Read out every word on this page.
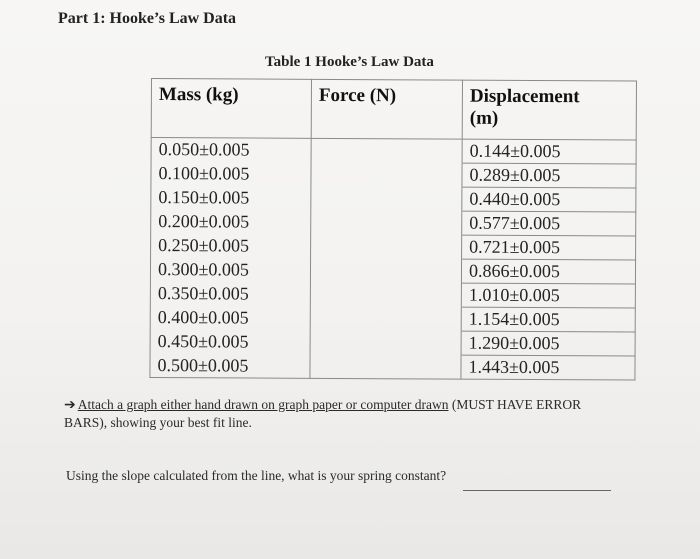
Part 1: Hooke’s Law Data
Table 1 Hooke’s Law Data
Mass (kg)	Force (N)	Displacement
(m)
0.050±0.005		0.144±0.005
0.100±0.005		0.289±0.005
0.150±0.005		0.440±0.005
0.200±0.005		0.577±0.005
0.250±0.005		0.721±0.005
0.300±0.005		0.866±0.005
0.350±0.005		1.010±0.005
0.400±0.005		1.154±0.005
0.450±0.005		1.290±0.005
0.500±0.005		1.443±0.005
➔ Attach a graph either hand drawn on graph paper or computer drawn (MUST HAVE ERROR BARS), showing your best fit line.
Using the slope calculated from the line, what is your spring constant?
